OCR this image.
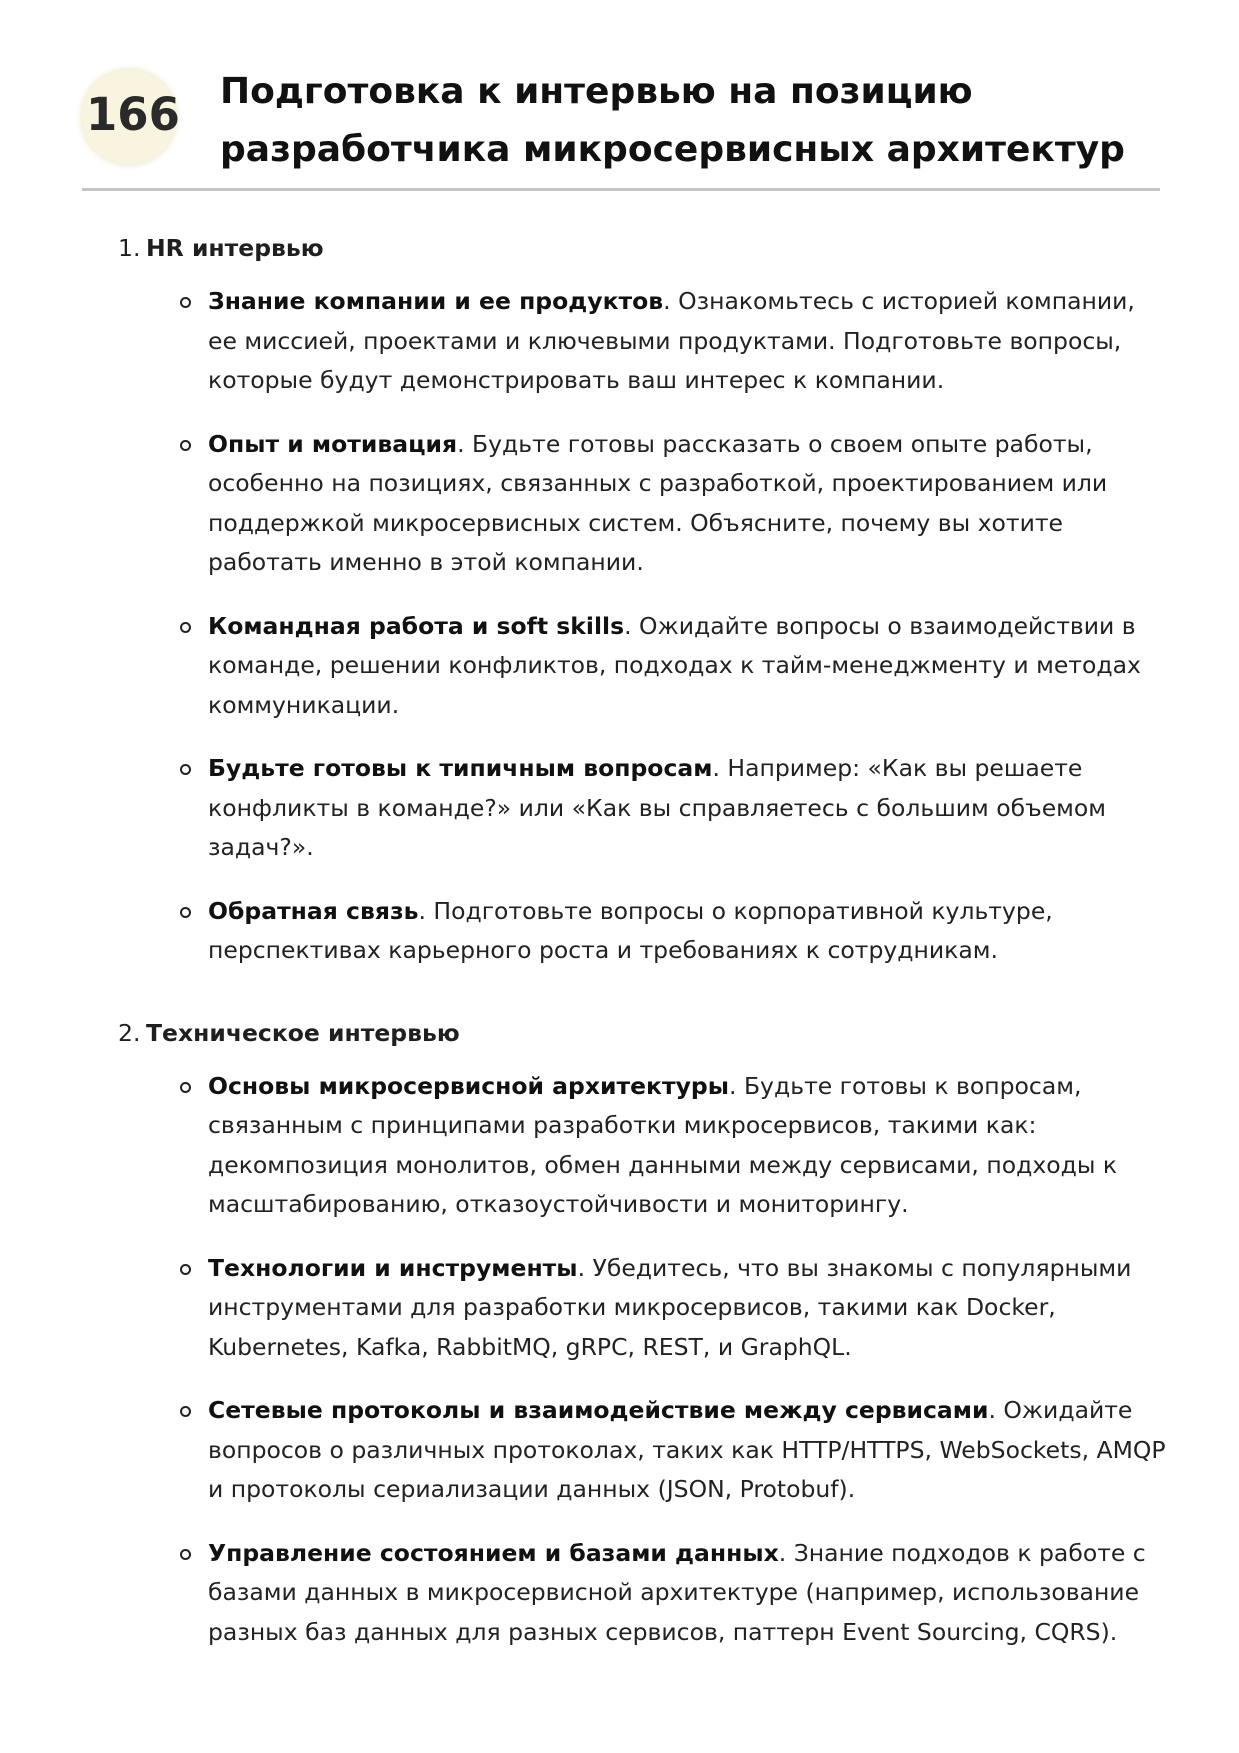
166 Подготовка к интервью на позицию разработчика микросервисных архитектур
1. HR интервью
Знание компании и ее продуктов. Ознакомьтесь с историей компании, ее миссией, проектами и ключевыми продуктами. Подготовьте вопросы, которые будут демонстрировать ваш интерес к компании.
Опыт и мотивация. Будьте готовы рассказать о своем опыте работы, особенно на позициях, связанных с разработкой, проектированием или поддержкой микросервисных систем. Объясните, почему вы хотите работать именно в этой компании.
Командная работа и soft skills. Ожидайте вопросы о взаимодействии в команде, решении конфликтов, подходах к тайм-менеджменту и методах коммуникации.
Будьте готовы к типичным вопросам. Например: «Как вы решаете конфликты в команде?» или «Как вы справляетесь с большим объемом задач?».
Обратная связь. Подготовьте вопросы о корпоративной культуре, перспективах карьерного роста и требованиях к сотрудникам.
2. Техническое интервью
Основы микросервисной архитектуры. Будьте готовы к вопросам, связанным с принципами разработки микросервисов, такими как: декомпозиция монолитов, обмен данными между сервисами, подходы к масштабированию, отказоустойчивости и мониторингу.
Технологии и инструменты. Убедитесь, что вы знакомы с популярными инструментами для разработки микросервисов, такими как Docker, Kubernetes, Kafka, RabbitMQ, gRPC, REST, и GraphQL.
Сетевые протоколы и взаимодействие между сервисами. Ожидайте вопросов о различных протоколах, таких как HTTP/HTTPS, WebSockets, AMQP и протоколы сериализации данных (JSON, Protobuf).
Управление состоянием и базами данных. Знание подходов к работе с базами данных в микросервисной архитектуре (например, использование разных баз данных для разных сервисов, паттерн Event Sourcing, CQRS).
